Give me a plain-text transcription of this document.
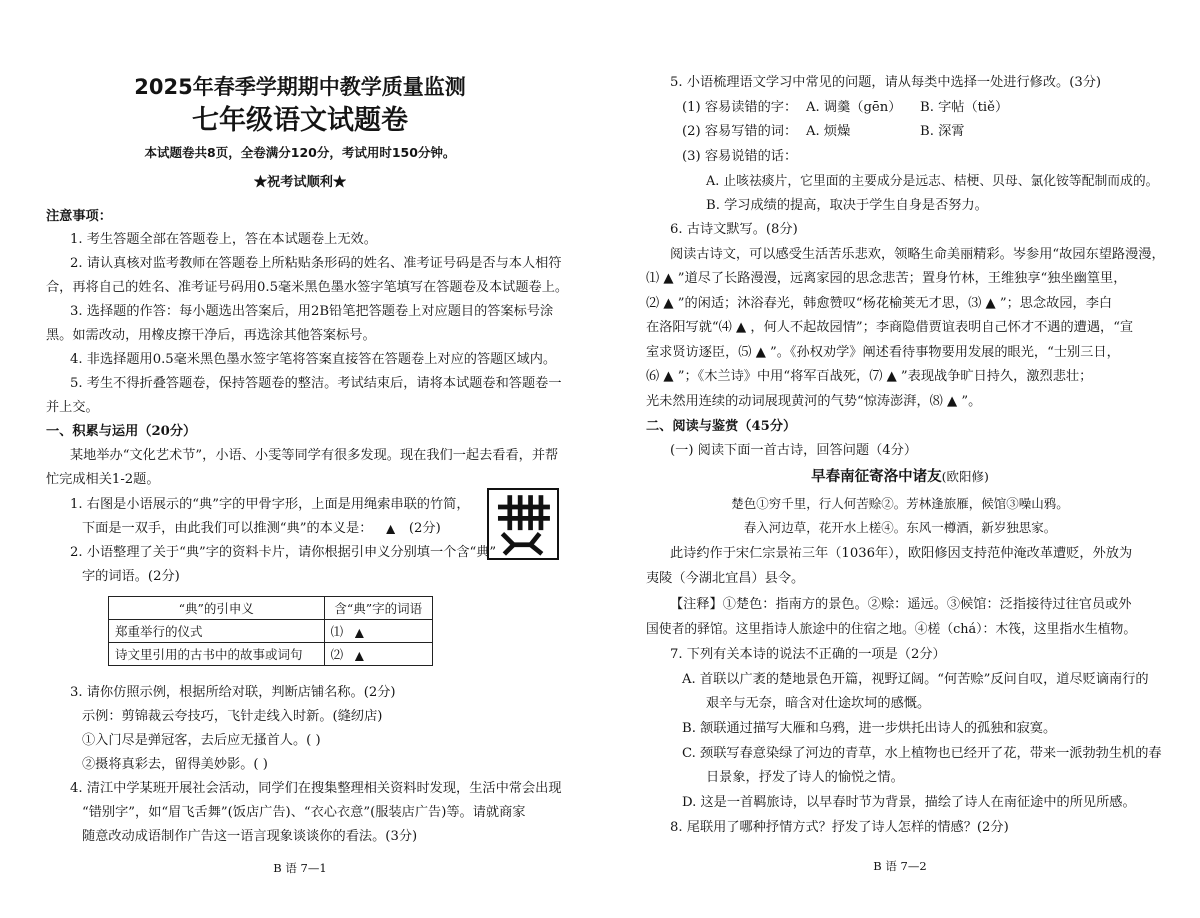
2025年春季学期期中教学质量监测
七年级语文试题卷
本试题卷共8页，全卷满分120分，考试用时150分钟。
★祝考试顺利★
注意事项：
1. 考生答题全部在答题卷上，答在本试题卷上无效。
2. 请认真核对监考教师在答题卷上所粘贴条形码的姓名、准考证号码是否与本人相符
合，再将自己的姓名、准考证号码用0.5毫米黑色墨水签字笔填写在答题卷及本试题卷上。
3. 选择题的作答：每小题选出答案后，用2B铅笔把答题卷上对应题目的答案标号涂
黑。如需改动，用橡皮擦干净后，再选涂其他答案标号。
4. 非选择题用0.5毫米黑色墨水签字笔将答案直接答在答题卷上对应的答题区域内。
5. 考生不得折叠答题卷，保持答题卷的整洁。考试结束后，请将本试题卷和答题卷一
并上交。
一、积累与运用（20分）
某地举办“文化艺术节”，小语、小雯等同学有很多发现。现在我们一起去看看，并帮
忙完成相关1-2题。
1. 右图是小语展示的“典”字的甲骨字形，上面是用绳索串联的竹简，
下面是一双手，由此我们可以推测“典”的本义是： ▲ (2分)
2. 小语整理了关于“典”字的资料卡片，请你根据引申义分别填一个含“典”
字的词语。(2分)
“典”的引申义	含“典”字的词语
郑重举行的仪式	⑴ ▲
诗文里引用的古书中的故事或词句	⑵ ▲
3. 请你仿照示例，根据所给对联，判断店铺名称。(2分)
示例：剪锦裁云夸技巧，飞针走线入时新。(缝纫店)
①入门尽是弹冠客，去后应无搔首人。( )
②摄将真彩去，留得美妙影。( )
4. 清江中学某班开展社会活动，同学们在搜集整理相关资料时发现，生活中常会出现
“错别字”，如“眉飞舌舞”(饭店广告)、“衣心衣意”(服装店广告)等。请就商家
随意改动成语制作广告这一语言现象谈谈你的看法。(3分)
B 语 7—1
5. 小语梳理语文学习中常见的问题，请从每类中选择一处进行修改。(3分)
(1) 容易读错的字： A. 调羹（gēn） B. 字帖（tiě）
(2) 容易写错的词： A. 烦燥	B. 深霄
(3) 容易说错的话：
A. 止咳祛痰片，它里面的主要成分是远志、桔梗、贝母、氯化铵等配制而成的。
B. 学习成绩的提高，取决于学生自身是否努力。
6. 古诗文默写。(8分)
阅读古诗文，可以感受生活苦乐悲欢，领略生命美丽精彩。岑参用“故园东望路漫漫，
⑴ ▲ ”道尽了长路漫漫，远离家园的思念悲苦；置身竹林，王维独享“独坐幽篁里，
⑵ ▲ ”的闲适；沐浴春光，韩愈赞叹“杨花榆荚无才思，⑶ ▲ ”；思念故园，李白
在洛阳写就“⑷ ▲ ，何人不起故园情”；李商隐借贾谊表明自己怀才不遇的遭遇，“宣
室求贤访逐臣，⑸ ▲ ”。《孙权劝学》阐述看待事物要用发展的眼光，“士别三日，
⑹ ▲ ”；《木兰诗》中用“将军百战死，⑺ ▲ ”表现战争旷日持久，激烈悲壮；
光未然用连续的动词展现黄河的气势“惊涛澎湃，⑻ ▲ ”。
二、阅读与鉴赏（45分）
(一) 阅读下面一首古诗，回答问题（4分）
早春南征寄洛中诸友(欧阳修)
楚色①穷千里，行人何苦赊②。芳林逢旅雁，候馆③噪山鸦。
春入河边草，花开水上槎④。东风一樽酒，新岁独思家。
此诗约作于宋仁宗景祐三年（1036年），欧阳修因支持范仲淹改革遭贬，外放为
夷陵（今湖北宜昌）县令。
【注释】①楚色：指南方的景色。②赊：遥远。③候馆：泛指接待过往官员或外
国使者的驿馆。这里指诗人旅途中的住宿之地。④槎（chá）：木筏，这里指水生植物。
7. 下列有关本诗的说法不正确的一项是（2分）
A. 首联以广袤的楚地景色开篇，视野辽阔。“何苦赊”反问自叹，道尽贬谪南行的
艰辛与无奈，暗含对仕途坎坷的感慨。
B. 颔联通过描写大雁和乌鸦，进一步烘托出诗人的孤独和寂寞。
C. 颈联写春意染绿了河边的青草，水上植物也已经开了花，带来一派勃勃生机的春
日景象，抒发了诗人的愉悦之情。
D. 这是一首羁旅诗，以早春时节为背景，描绘了诗人在南征途中的所见所感。
8. 尾联用了哪种抒情方式？抒发了诗人怎样的情感？(2分)
B 语 7—2
